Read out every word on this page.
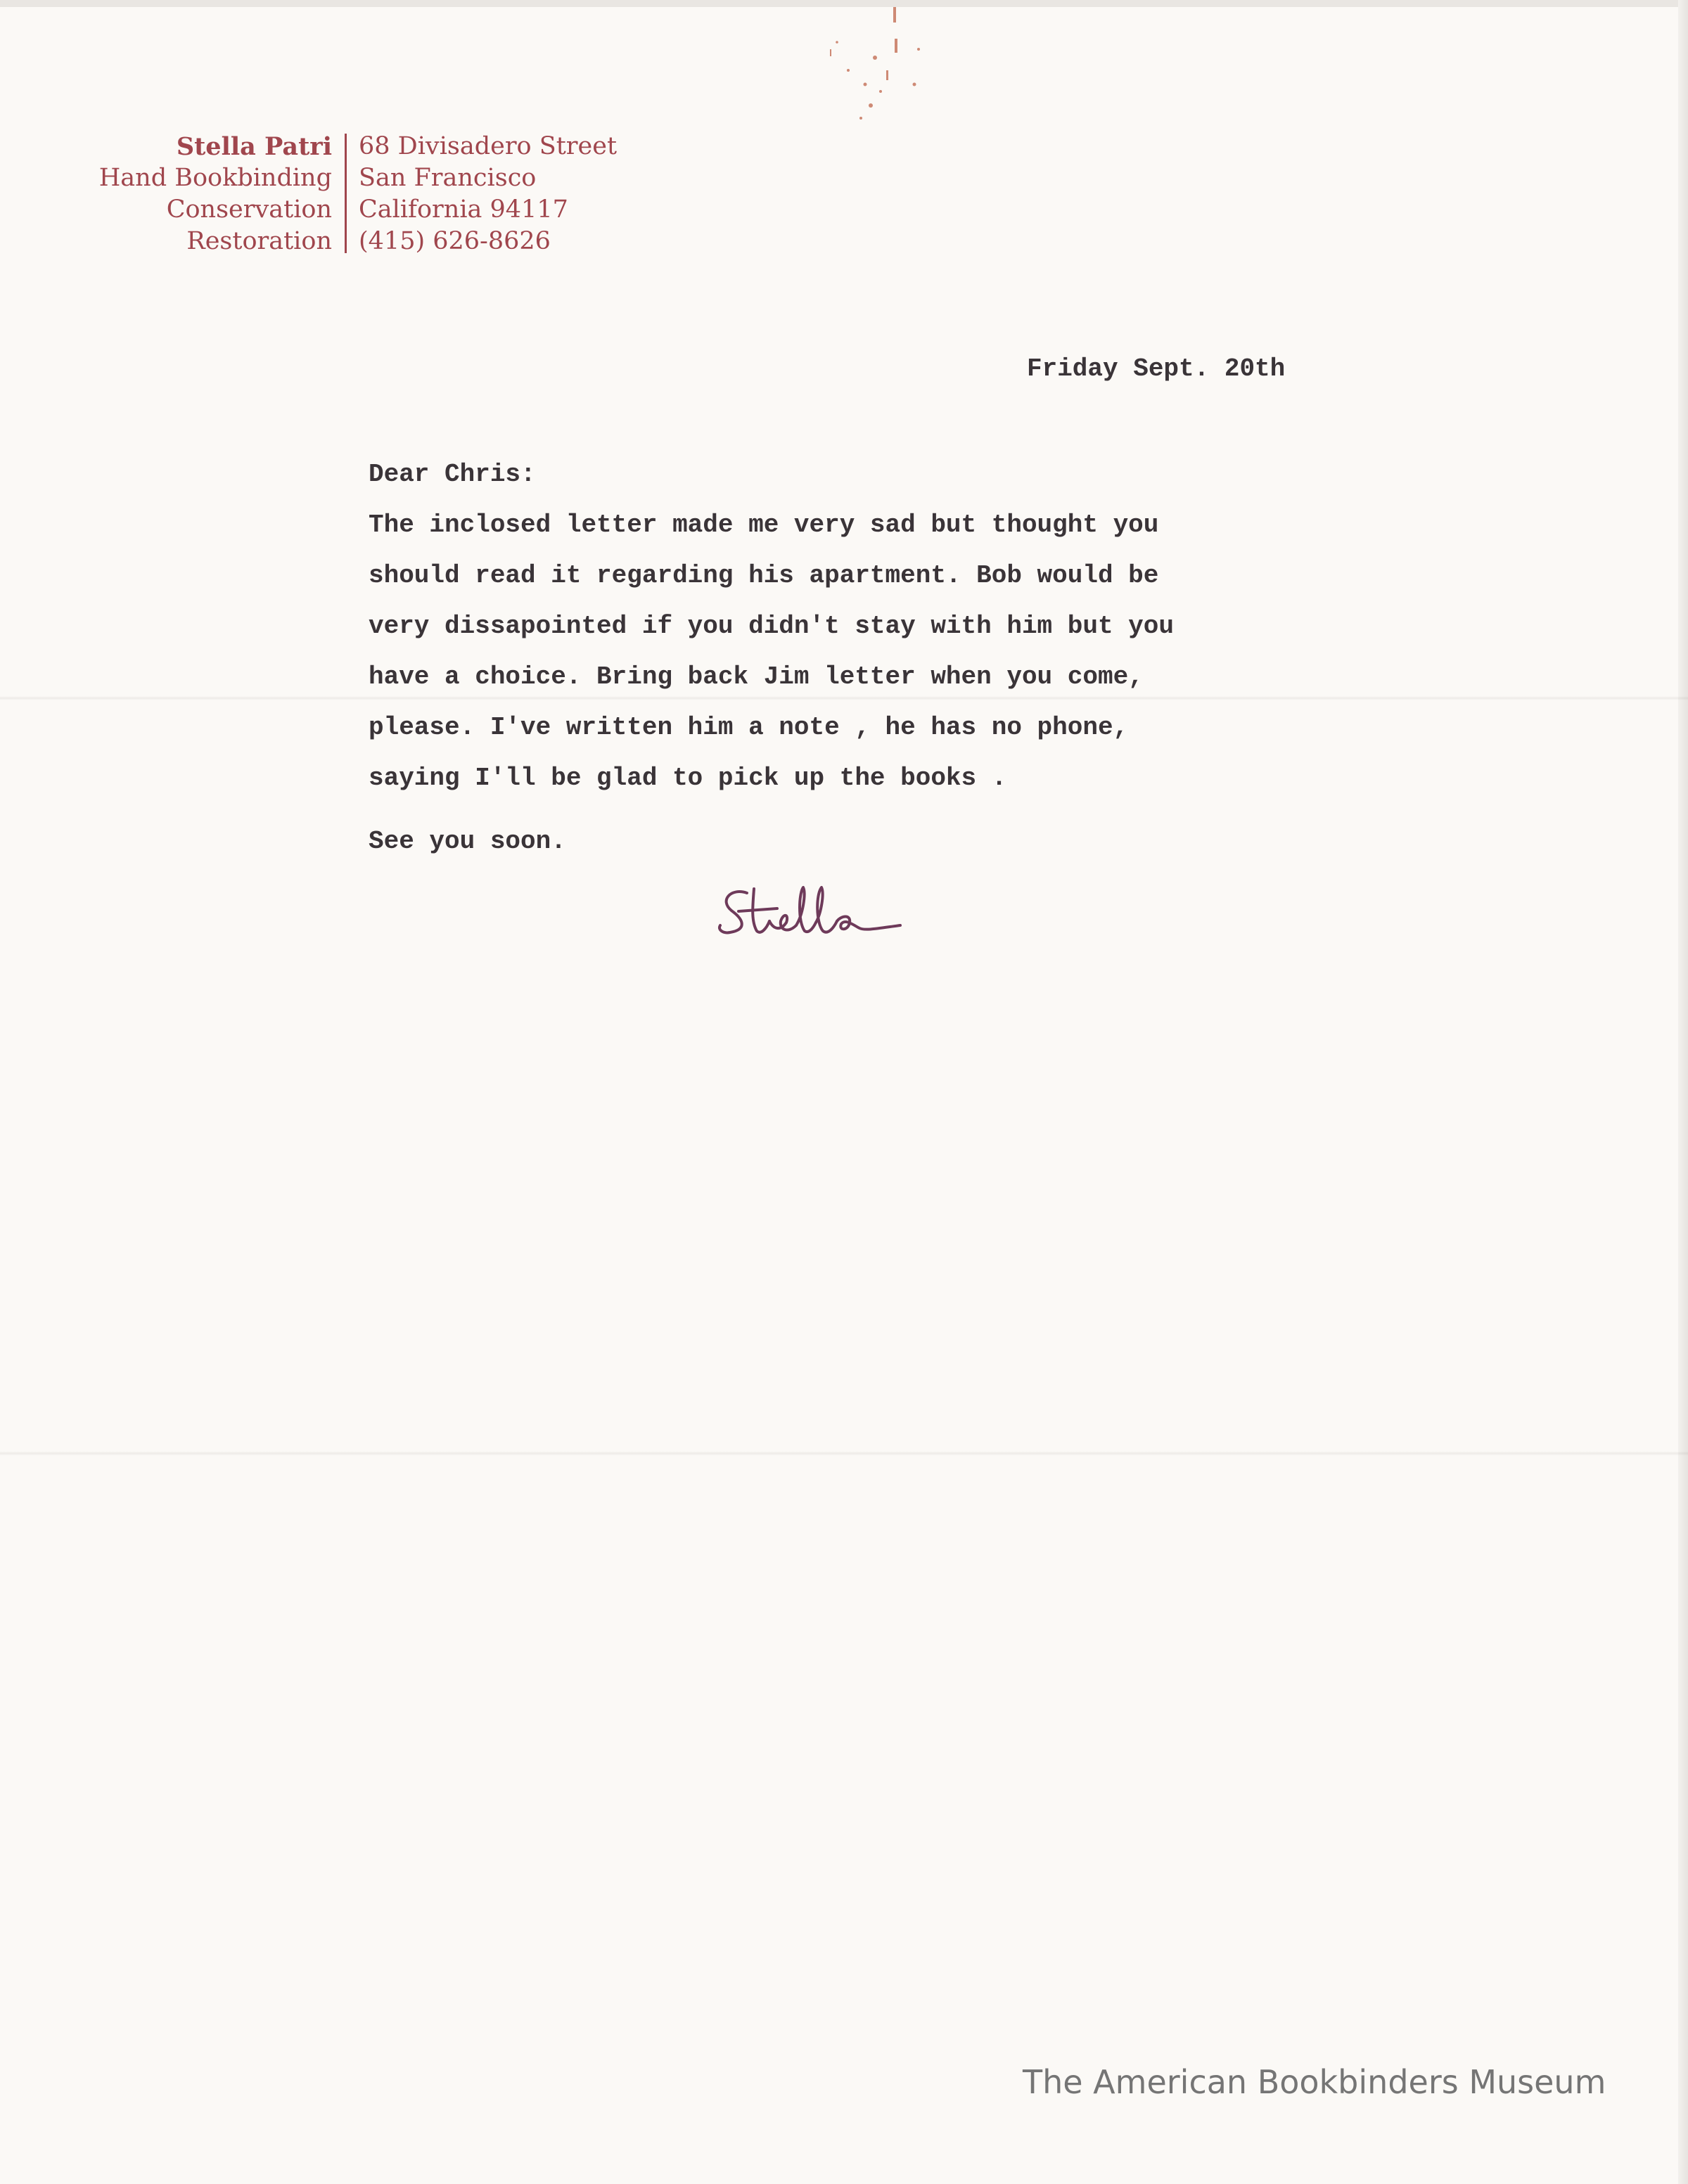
Stella Patri
Hand Bookbinding
Conservation
Restoration
68 Divisadero Street
San Francisco
California 94117
(415) 626-8626
Friday Sept. 20th
Dear Chris:
The inclosed letter made me very sad but thought you
should read it regarding his apartment. Bob would be
very dissapointed if you didn't stay with him but you
have a choice. Bring back Jim letter when you come,
please. I've written him a note , he has no phone,
saying I'll be glad to pick up the books .
See you soon.
The American Bookbinders Museum
